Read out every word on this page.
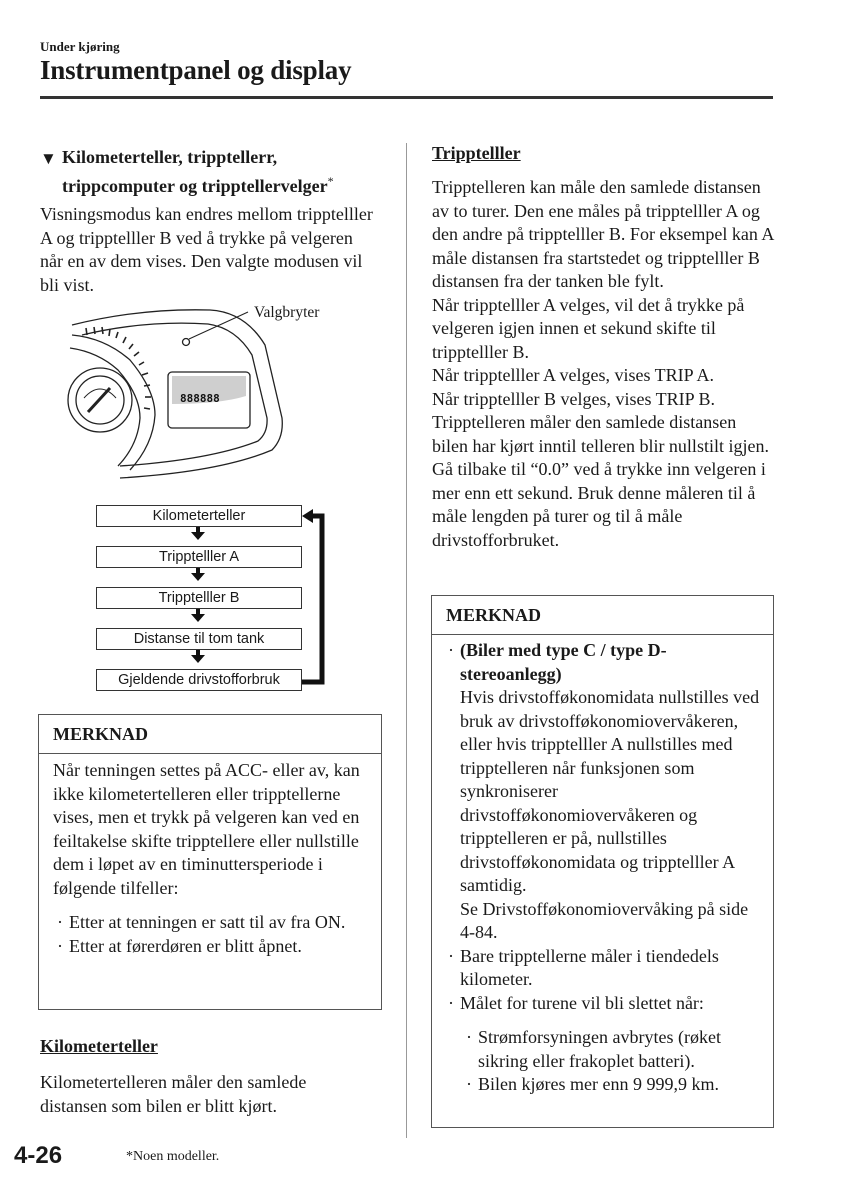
Under kjøring
Instrumentpanel og display
▼ Kilometerteller, tripptellerr,
trippcomputer og tripptellervelger*
Visningsmodus kan endres mellom tripptelller A og tripptelller B ved å trykke på velgeren når en av dem vises. Den valgte modusen vil bli vist.
888888
Valgbryter
Kilometerteller
Tripptelller A
Tripptelller B
Distanse til tom tank
Gjeldende drivstofforbruk
MERKNAD
Når tenningen settes på ACC- eller av, kan ikke kilometertelleren eller tripptellerne vises, men et trykk på velgeren kan ved en feiltakelse skifte tripptellere eller nullstille dem i løpet av en timinuttersperiode i følgende tilfeller:
· Etter at tenningen er satt til av fra ON.
· Etter at førerdøren er blitt åpnet.
Kilometerteller
Kilometertelleren måler den samlede distansen som bilen er blitt kjørt.
Tripptelller
Tripptelleren kan måle den samlede distansen av to turer. Den ene måles på tripptelller A og den andre på tripptelller B. For eksempel kan A måle distansen fra startstedet og tripptelller B distansen fra der tanken ble fylt.
Når tripptelller A velges, vil det å trykke på velgeren igjen innen et sekund skifte til tripptelller B.
Når tripptelller A velges, vises TRIP A.
Når tripptelller B velges, vises TRIP B.
Tripptelleren måler den samlede distansen bilen har kjørt inntil telleren blir nullstilt igjen. Gå tilbake til “0.0” ved å trykke inn velgeren i mer enn ett sekund. Bruk denne måleren til å måle lengden på turer og til å måle drivstofforbruket.
MERKNAD
· (Biler med type C / type D-stereoanlegg)
Hvis drivstofføkonomidata nullstilles ved bruk av drivstofføkonomiovervåkeren, eller hvis tripptelller A nullstilles med tripptelleren når funksjonen som synkroniserer drivstofføkonomiovervåkeren og tripptelleren er på, nullstilles drivstofføkonomidata og tripptelller A samtidig.
Se Drivstofføkonomiovervåking på side 4-84.
· Bare tripptellerne måler i tiendedels kilometer.
· Målet for turene vil bli slettet når:
· Strømforsyningen avbrytes (røket sikring eller frakoplet batteri).
· Bilen kjøres mer enn 9 999,9 km.
4-26	*Noen modeller.
